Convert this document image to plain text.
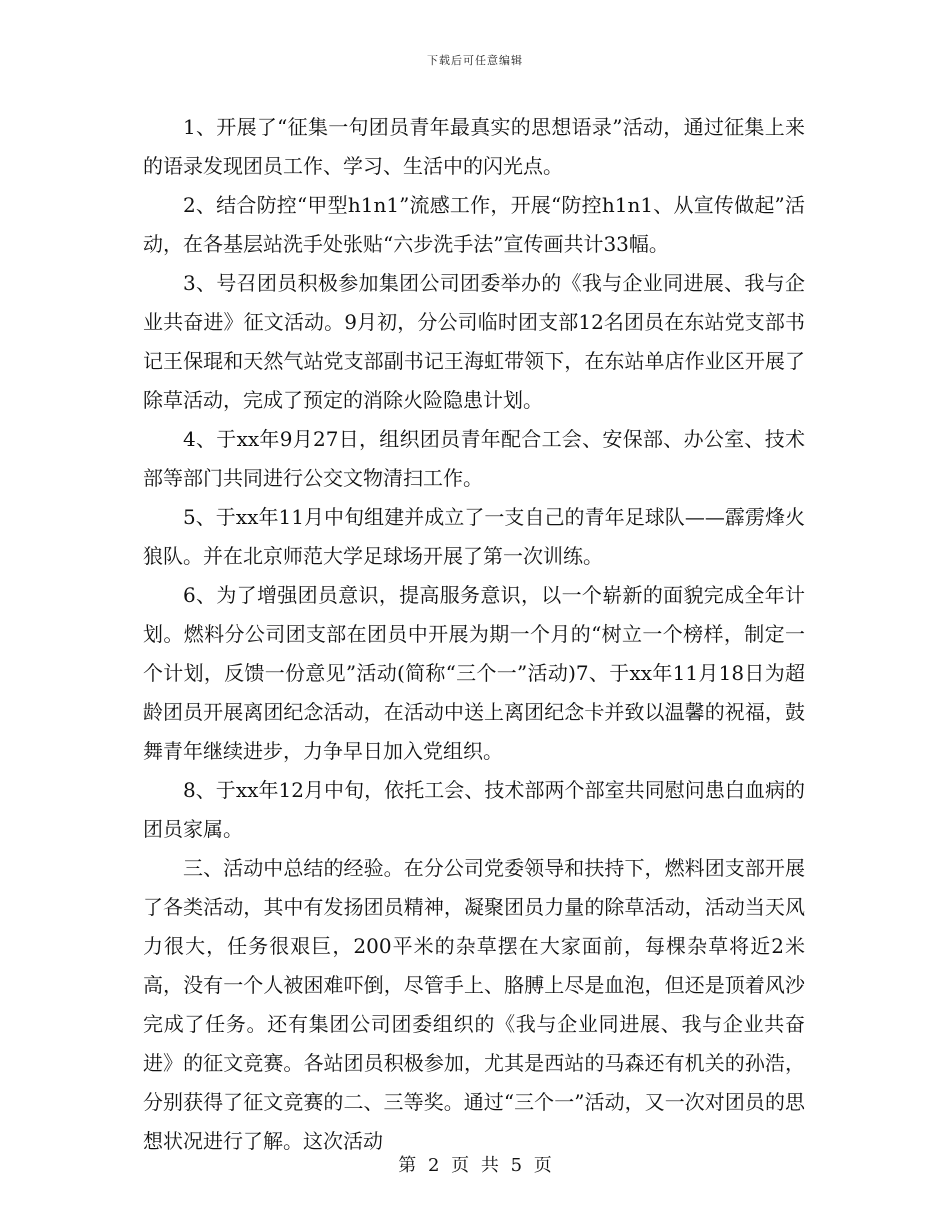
下载后可任意编辑

1、开展了“征集一句团员青年最真实的思想语录”活动，通过征集上来的语录发现团员工作、学习、生活中的闪光点。

2、结合防控“甲型h1n1”流感工作，开展“防控h1n1、从宣传做起”活动，在各基层站洗手处张贴“六步洗手法”宣传画共计33幅。

3、号召团员积极参加集团公司团委举办的《我与企业同进展、我与企业共奋进》征文活动。9月初，分公司临时团支部12名团员在东站党支部书记王保琨和天然气站党支部副书记王海虹带领下，在东站单店作业区开展了除草活动，完成了预定的消除火险隐患计划。

4、于xx年9月27日，组织团员青年配合工会、安保部、办公室、技术部等部门共同进行公交文物清扫工作。

5、于xx年11月中旬组建并成立了一支自己的青年足球队——霹雳烽火狼队。并在北京师范大学足球场开展了第一次训练。

6、为了增强团员意识，提高服务意识，以一个崭新的面貌完成全年计划。燃料分公司团支部在团员中开展为期一个月的“树立一个榜样，制定一个计划，反馈一份意见”活动(简称“三个一”活动)7、于xx年11月18日为超龄团员开展离团纪念活动，在活动中送上离团纪念卡并致以温馨的祝福，鼓舞青年继续进步，力争早日加入党组织。

8、于xx年12月中旬，依托工会、技术部两个部室共同慰问患白血病的团员家属。

三、活动中总结的经验。在分公司党委领导和扶持下，燃料团支部开展了各类活动，其中有发扬团员精神，凝聚团员力量的除草活动，活动当天风力很大，任务很艰巨，200平米的杂草摆在大家面前，每棵杂草将近2米高，没有一个人被困难吓倒，尽管手上、胳膊上尽是血泡，但还是顶着风沙完成了任务。还有集团公司团委组织的《我与企业同进展、我与企业共奋进》的征文竞赛。各站团员积极参加，尤其是西站的马森还有机关的孙浩，分别获得了征文竞赛的二、三等奖。通过“三个一”活动，又一次对团员的思想状况进行了解。这次活动

第 2 页 共 5 页
